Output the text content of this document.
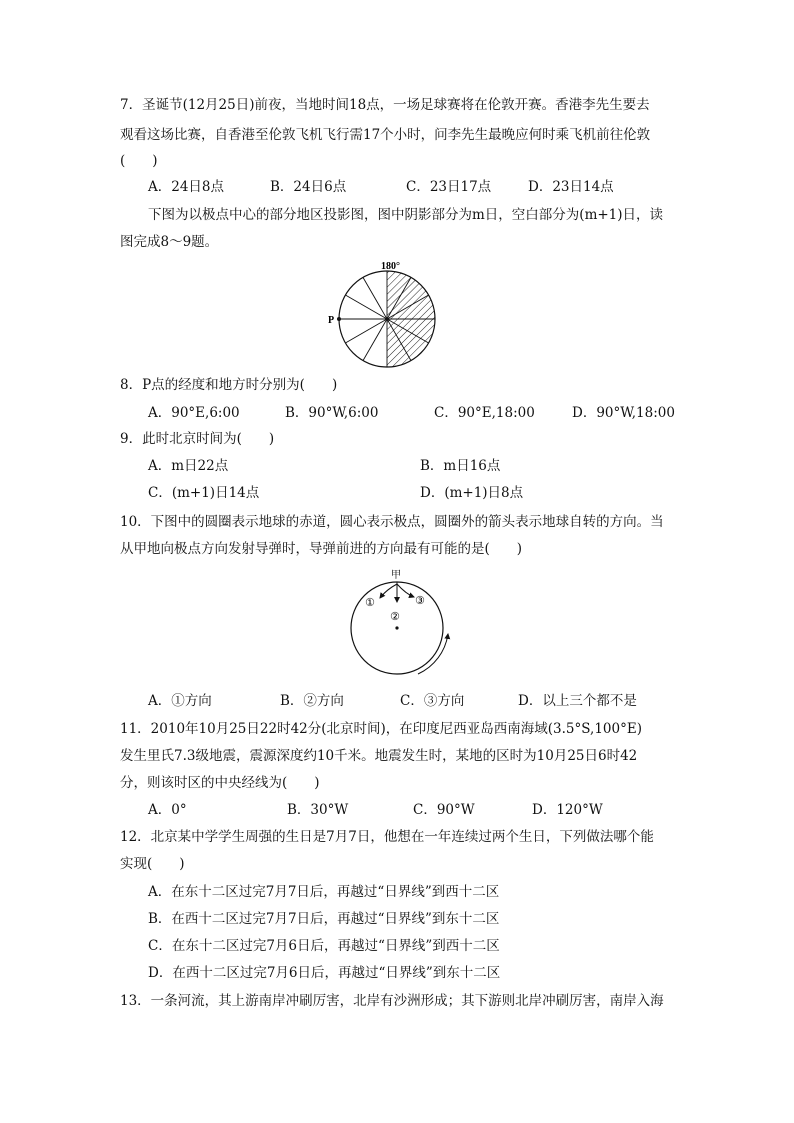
7．圣诞节(12月25日)前夜，当地时间18点，一场足球赛将在伦敦开赛。香港李先生要去
观看这场比赛，自香港至伦敦飞机飞行需17个小时，问李先生最晚应何时乘飞机前往伦敦
(　　)
A．24日8点	B．24日6点	C．23日17点	D．23日14点
下图为以极点中心的部分地区投影图，图中阴影部分为m日，空白部分为(m+1)日，读
图完成8～9题。
180°
P
8．P点的经度和地方时分别为(　　)
A．90°E,6:00	B．90°W,6:00	C．90°E,18:00	D．90°W,18:00
9．此时北京时间为(　　)
A．m日22点	B．m日16点
C．(m+1)日14点	D．(m+1)日8点
10．下图中的圆圈表示地球的赤道，圆心表示极点，圆圈外的箭头表示地球自转的方向。当
从甲地向极点方向发射导弹时，导弹前进的方向最有可能的是(　　)
甲
①
②
③
A．①方向	B．②方向	C．③方向	D．以上三个都不是
11．2010年10月25日22时42分(北京时间)，在印度尼西亚岛西南海域(3.5°S,100°E)
发生里氏7.3级地震，震源深度约10千米。地震发生时，某地的区时为10月25日6时42
分，则该时区的中央经线为(　　)
A．0°	B．30°W	C．90°W	D．120°W
12．北京某中学学生周强的生日是7月7日，他想在一年连续过两个生日，下列做法哪个能
实现(　　)
A．在东十二区过完7月7日后，再越过“日界线”到西十二区
B．在西十二区过完7月7日后，再越过“日界线”到东十二区
C．在东十二区过完7月6日后，再越过“日界线”到西十二区
D．在西十二区过完7月6日后，再越过“日界线”到东十二区
13．一条河流，其上游南岸冲刷厉害，北岸有沙洲形成；其下游则北岸冲刷厉害，南岸入海
